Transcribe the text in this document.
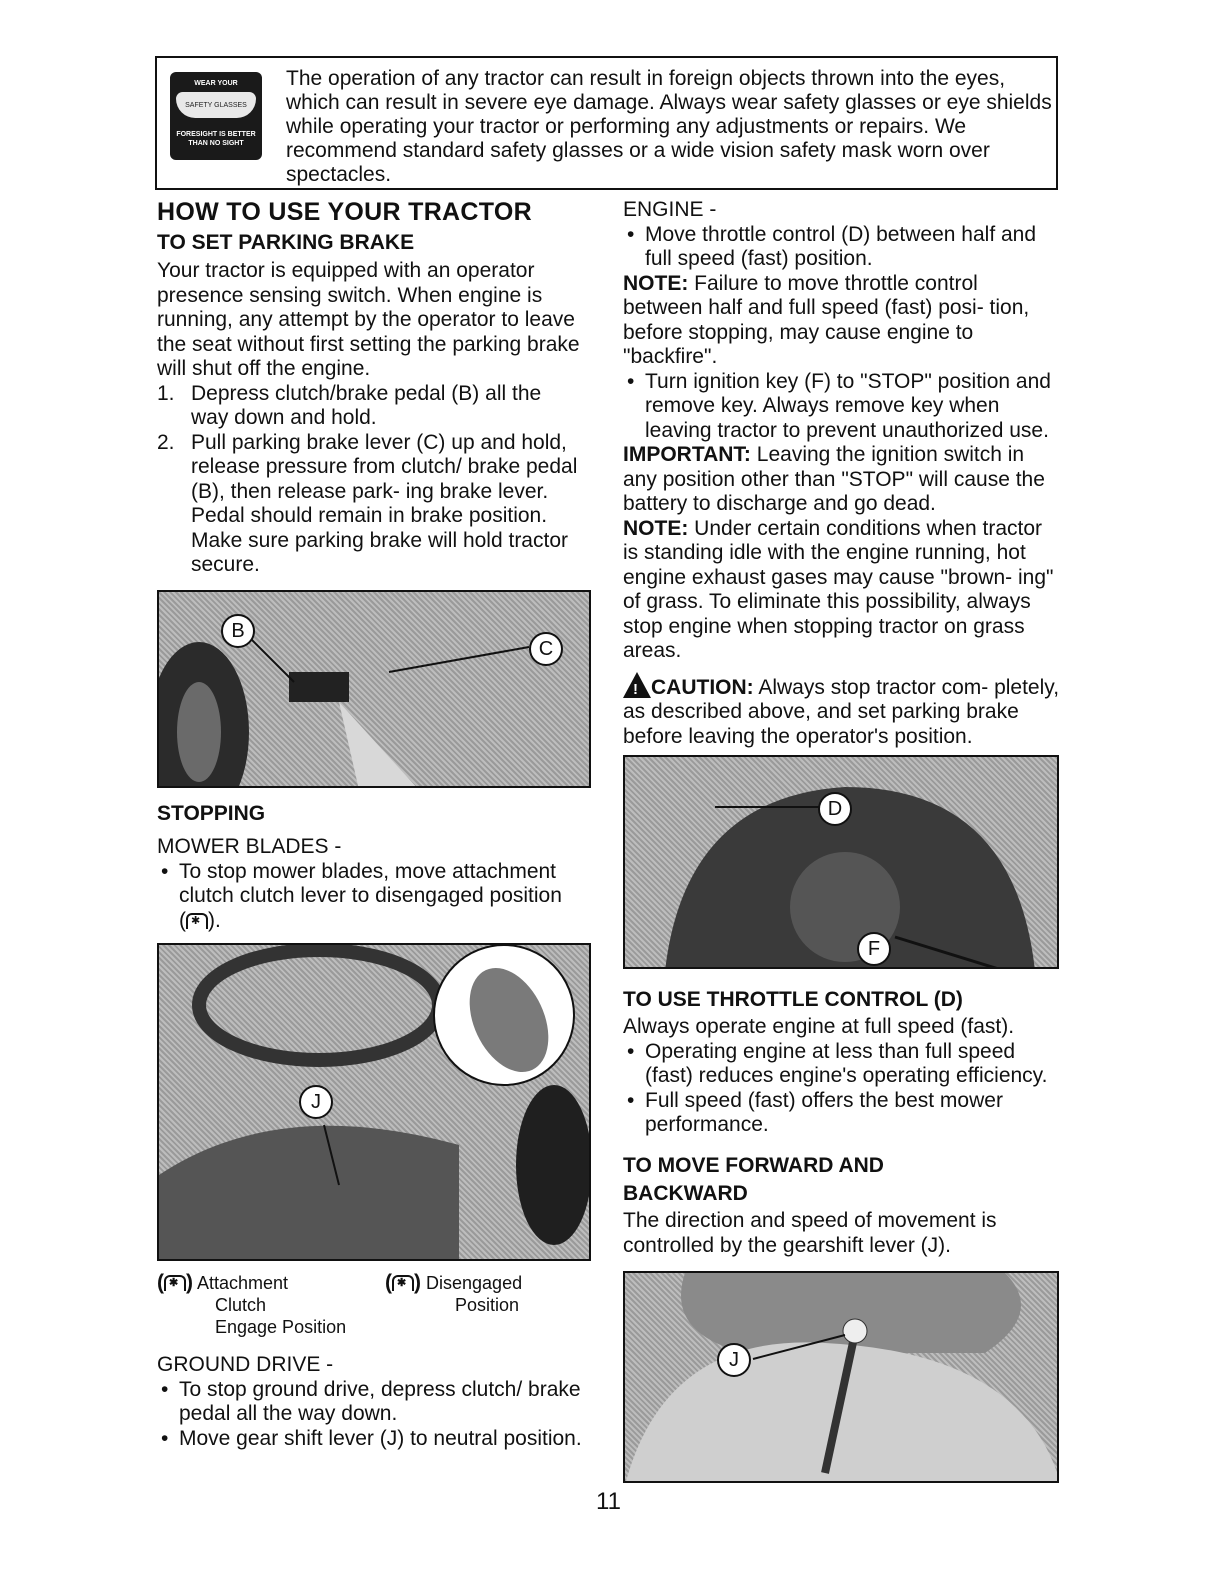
WEAR YOUR
SAFETY GLASSES
FORESIGHT IS BETTER THAN NO SIGHT
The operation of any tractor can result in foreign objects thrown into the eyes, which can result in severe eye damage. Always wear safety glasses or eye shields while operating your tractor or performing any adjustments or repairs. We recommend standard safety glasses or a wide vision safety mask worn over spectacles.
HOW TO USE YOUR TRACTOR
TO SET PARKING BRAKE

Your tractor is equipped with an operator presence sensing switch. When engine is running, any attempt by the operator to leave the seat without first setting the parking brake will shut off the engine.

1. Depress clutch/brake pedal (B) all the way down and hold.

2. Pull parking brake lever (C) up and hold, release pressure from clutch/ brake pedal (B), then release park- ing brake lever. Pedal should remain in brake position. Make sure parking brake will hold tractor secure.

B
C
STOPPING

MOWER BLADES -

• To stop mower blades, move attachment clutch clutch lever to disengaged position
( ✱ ).

J
( ✱ ) Attachment
Clutch
Engage Position
( ✱ ) Disengaged
Position

GROUND DRIVE -

• To stop ground drive, depress clutch/ brake pedal all the way down.

• Move gear shift lever (J) to neutral position.

ENGINE -

• Move throttle control (D) between half and full speed (fast) position.

NOTE: Failure to move throttle control between half and full speed (fast) posi- tion, before stopping, may cause engine to "backfire".

• Turn ignition key (F) to "STOP" position and remove key. Always remove key when leaving tractor to prevent unauthorized use.

IMPORTANT: Leaving the ignition switch in any position other than "STOP" will cause the battery to discharge and go dead.

NOTE: Under certain conditions when tractor is standing idle with the engine running, hot engine exhaust gases may cause "brown- ing" of grass. To eliminate this possibility, always stop engine when stopping tractor on grass areas.

! CAUTION: Always stop tractor com- pletely, as described above, and set parking brake before leaving the operator's position.

D
F
TO USE THROTTLE CONTROL (D)

Always operate engine at full speed (fast).

• Operating engine at less than full speed (fast) reduces engine's operating efficiency.

• Full speed (fast) offers the best mower performance.

TO MOVE FORWARD AND
BACKWARD
The direction and speed of movement is controlled by the gearshift lever (J).
J
11
